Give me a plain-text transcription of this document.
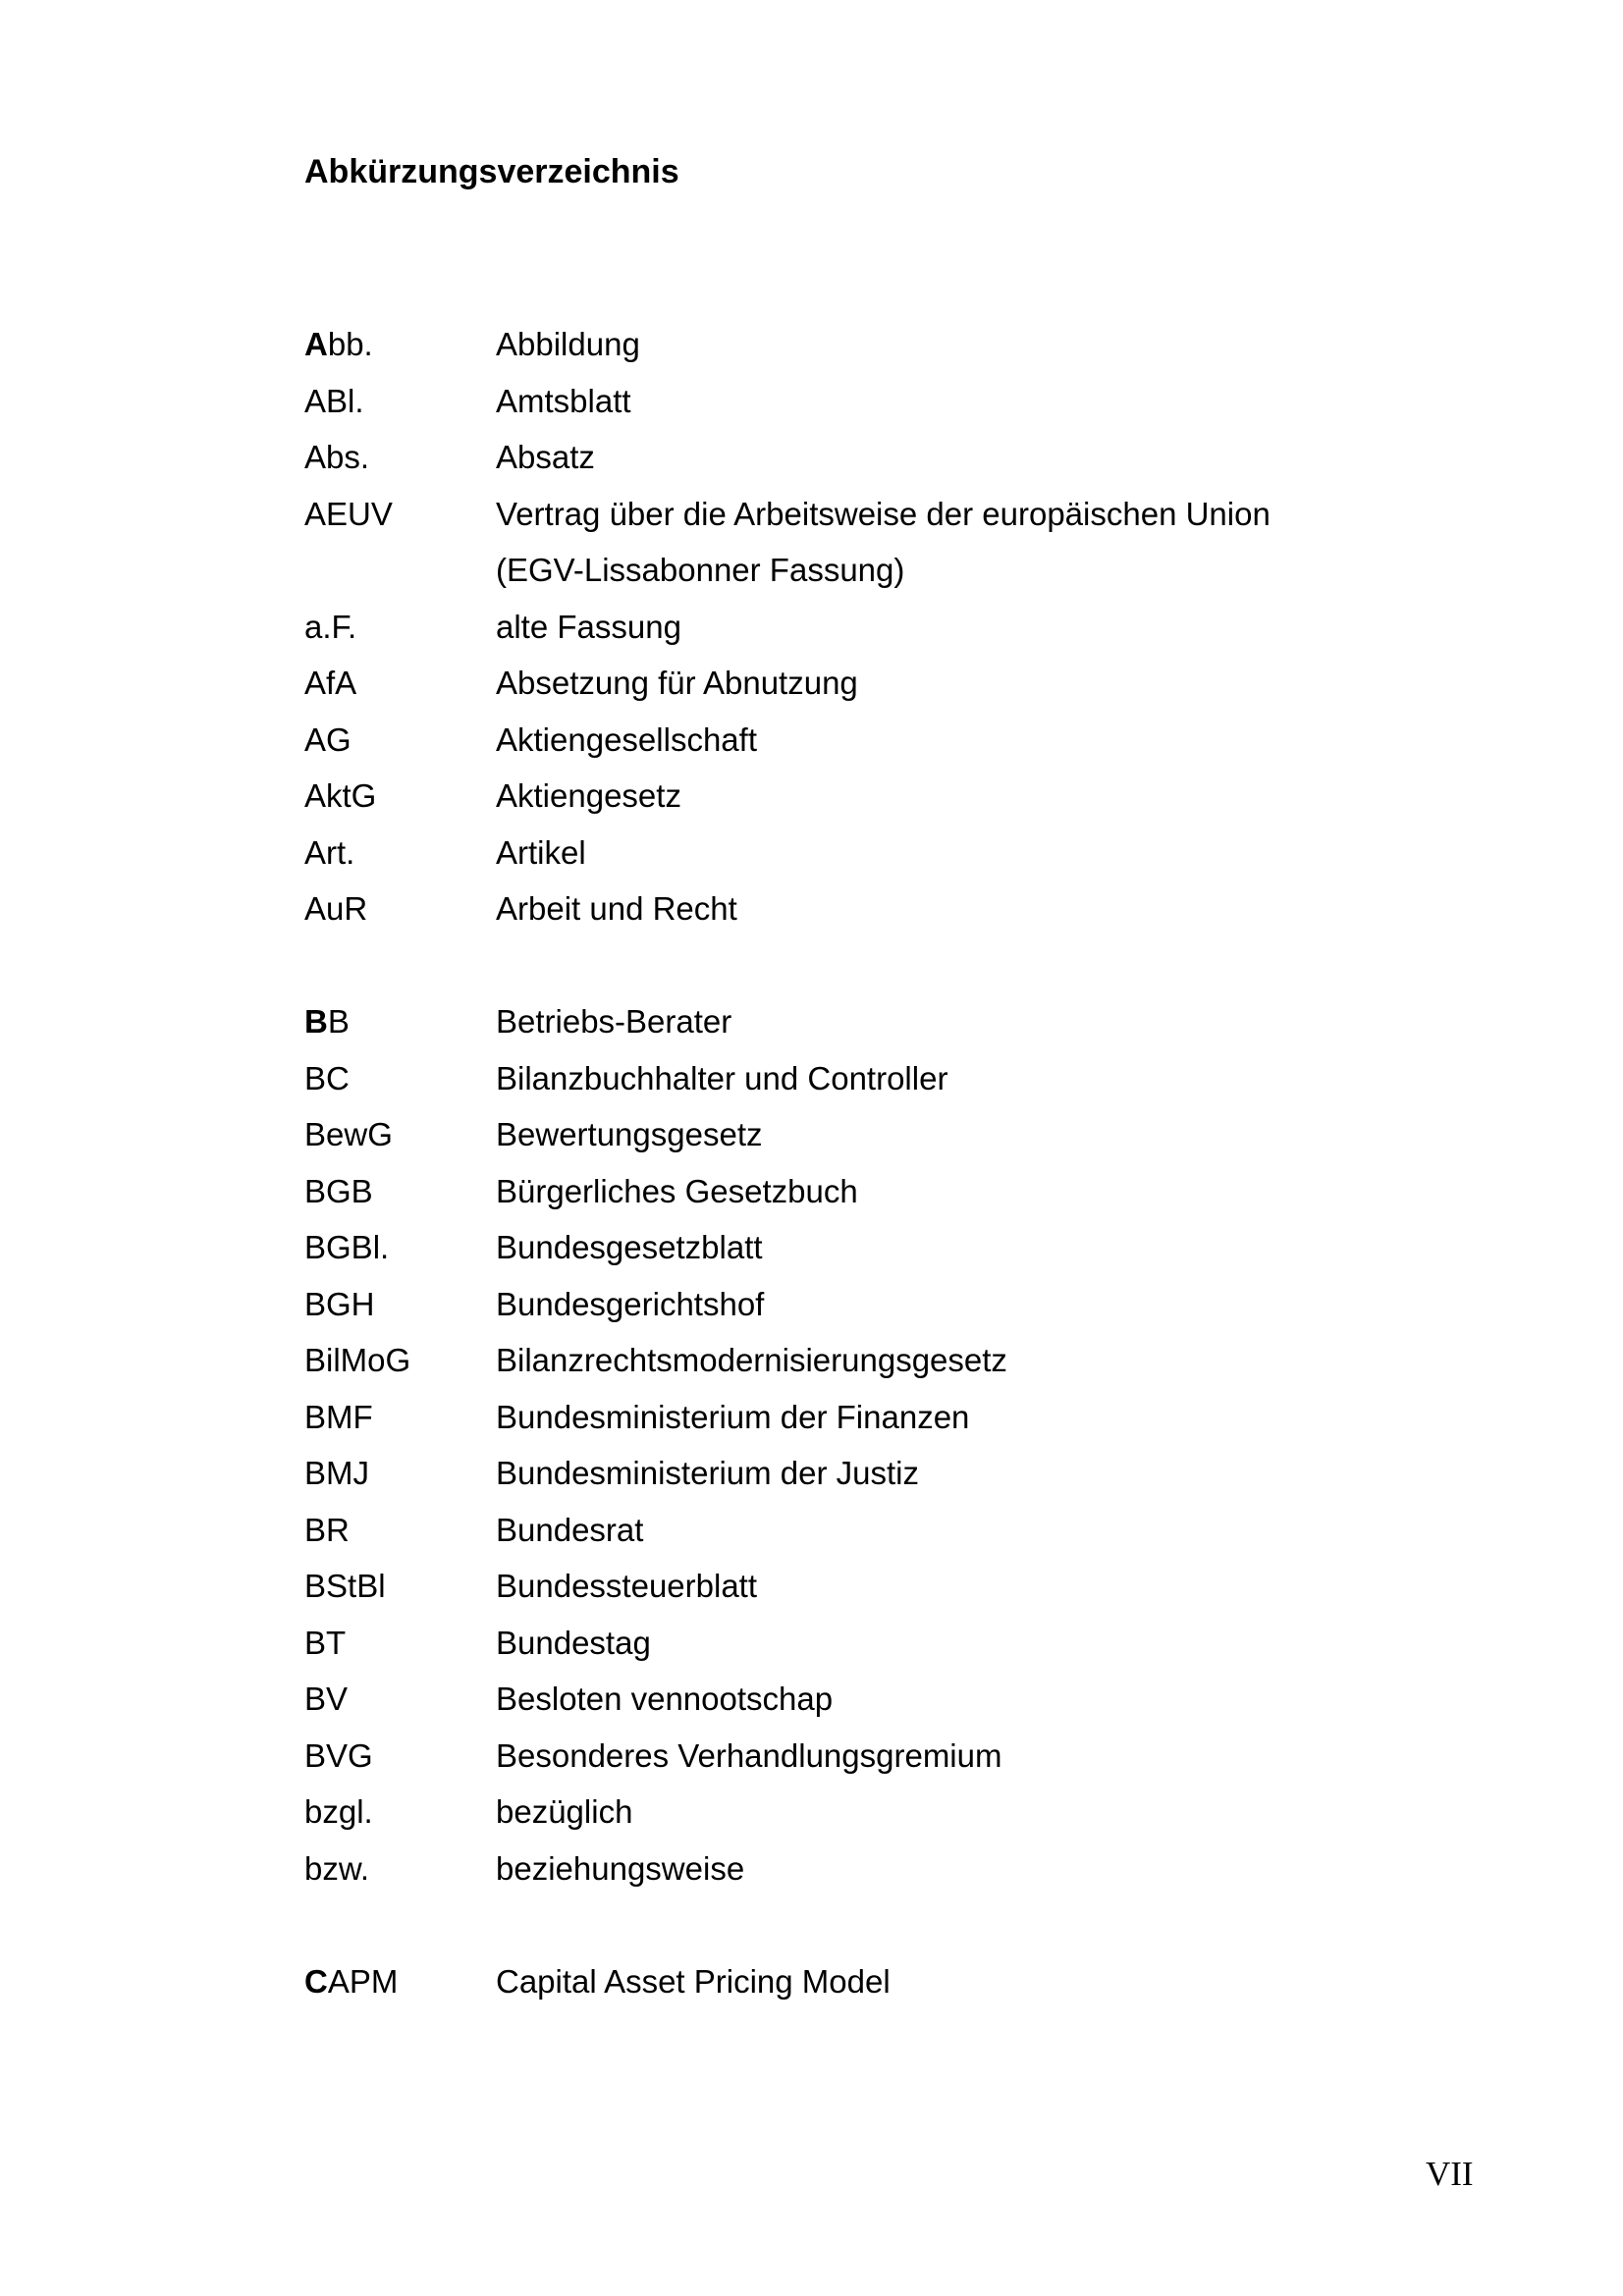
Abkürzungsverzeichnis
Abb.	Abbildung
ABl.	Amtsblatt
Abs.	Absatz
AEUV	Vertrag über die Arbeitsweise der europäischen Union
(EGV-Lissabonner Fassung)
a.F.	alte Fassung
AfA	Absetzung für Abnutzung
AG	Aktiengesellschaft
AktG	Aktiengesetz
Art.	Artikel
AuR	Arbeit und Recht
BB	Betriebs-Berater
BC	Bilanzbuchhalter und Controller
BewG	Bewertungsgesetz
BGB	Bürgerliches Gesetzbuch
BGBl.	Bundesgesetzblatt
BGH	Bundesgerichtshof
BilMoG	Bilanzrechtsmodernisierungsgesetz
BMF	Bundesministerium der Finanzen
BMJ	Bundesministerium der Justiz
BR	Bundesrat
BStBl	Bundessteuerblatt
BT	Bundestag
BV	Besloten vennootschap
BVG	Besonderes Verhandlungsgremium
bzgl.	bezüglich
bzw.	beziehungsweise
CAPM	Capital Asset Pricing Model
VII
